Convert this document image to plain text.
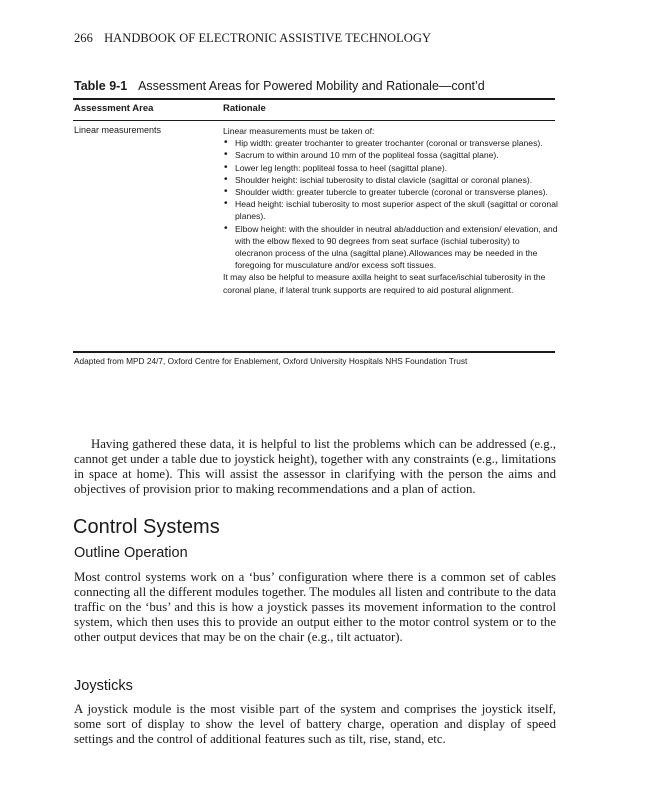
266 HANDBOOK OF ELECTRONIC ASSISTIVE TECHNOLOGY
Table 9-1 Assessment Areas for Powered Mobility and Rationale—cont’d
Assessment Area	Rationale
Linear measurements	Linear measurements must be taken of:

• Hip width: greater trochanter to greater trochanter (coronal or transverse planes).
• Sacrum to within around 10 mm of the popliteal fossa (sagittal plane).
• Lower leg length: popliteal fossa to heel (sagittal plane).
• Shoulder height: ischial tuberosity to distal clavicle (sagittal or coronal planes).
• Shoulder width: greater tubercle to greater tubercle (coronal or transverse planes).
• Head height: ischial tuberosity to most superior aspect of the skull (sagittal or coronal planes).
• Elbow height: with the shoulder in neutral ab/adduction and extension/ elevation, and with the elbow flexed to 90 degrees from seat surface (ischial tuberosity) to olecranon process of the ulna (sagittal plane).Allowances may be needed in the foregoing for musculature and/or excess soft tissues.

It may also be helpful to measure axilla height to seat surface/ischial tuberosity in the coronal plane, if lateral trunk supports are required to aid postural alignment.

Adapted from MPD 24/7, Oxford Centre for Enablement, Oxford University Hospitals NHS Foundation Trust

Having gathered these data, it is helpful to list the problems which can be addressed (e.g., cannot get under a table due to joystick height), together with any constraints (e.g., limitations in space at home). This will assist the assessor in clarifying with the person the aims and objectives of provision prior to making recommendations and a plan of action.

Control Systems
Outline Operation

Most control systems work on a ‘bus’ configuration where there is a common set of cables connecting all the different modules together. The modules all listen and contribute to the data traffic on the ‘bus’ and this is how a joystick passes its movement information to the control system, which then uses this to provide an output either to the motor control system or to the other output devices that may be on the chair (e.g., tilt actuator).

Joysticks

A joystick module is the most visible part of the system and comprises the joystick itself, some sort of display to show the level of battery charge, operation and display of speed settings and the control of additional features such as tilt, rise, stand, etc.
